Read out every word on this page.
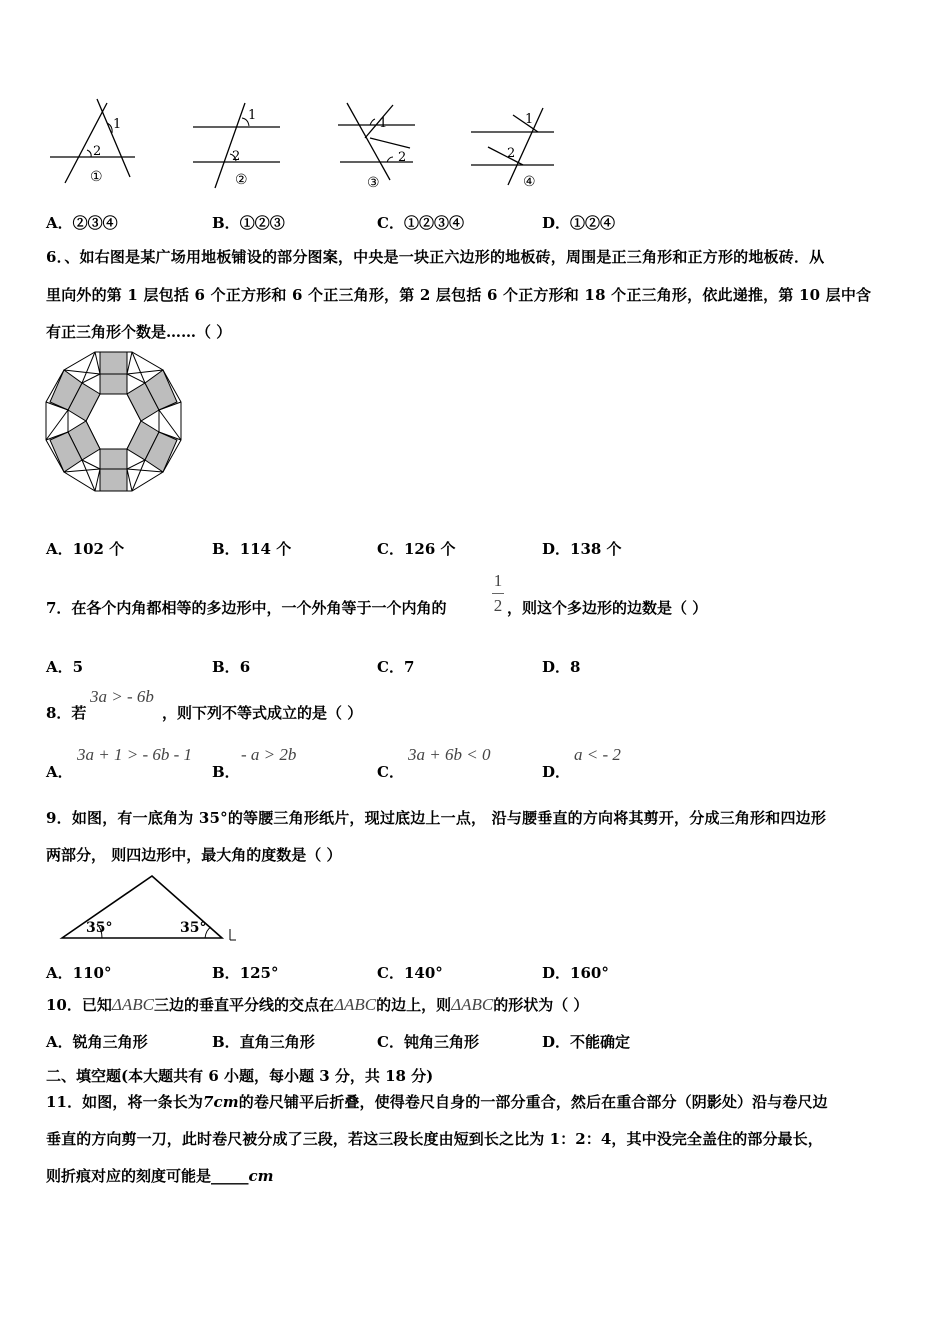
1
2
①
1
2
②
1
2
③
1
2
④
A．②③④	B．①②③	C．①②③④	D．①②④
6．、如右图是某广场用地板铺设的部分图案，中央是一块正六边形的地板砖，周围是正三角形和正方形的地板砖．从
里向外的第 1 层包括 6 个正方形和 6 个正三角形，第 2 层包括 6 个正方形和 18 个正三角形，依此递推，第 10 层中含
有正三角形个数是……（ ）
A．102 个	B．114 个	C．126 个	D．138 个
7．在各个内角都相等的多边形中，一个外角等于一个内角的
1
2 ，则这个多边形的边数是（ ）
A．5	B．6	C．7	D．8
8．若
3a > - 6b
，则下列不等式成立的是（ ）
A．
3a + 1 > - 6b - 1
B．
- a > 2b
C．
3a + 6b < 0
D．
a < - 2
9．如图，有一底角为 35°的等腰三角形纸片，现过底边上一点， 沿与腰垂直的方向将其剪开，分成三角形和四边形
两部分， 则四边形中，最大角的度数是（ ）
35°	35°
A．110°	B．125°	C．140°	D．160°
10．已知ΔABC三边的垂直平分线的交点在ΔABC的边上，则ΔABC的形状为（ ）
A．锐角三角形	B．直角三角形	C．钝角三角形	D．不能确定
二、填空题(本大题共有 6 小题，每小题 3 分，共 18 分)
11．如图，将一条长为7cm的卷尺铺平后折叠，使得卷尺自身的一部分重合，然后在重合部分（阴影处）沿与卷尺边
垂直的方向剪一刀，此时卷尺被分成了三段，若这三段长度由短到长之比为 1：2：4，其中没完全盖住的部分最长，
则折痕对应的刻度可能是_____cm
